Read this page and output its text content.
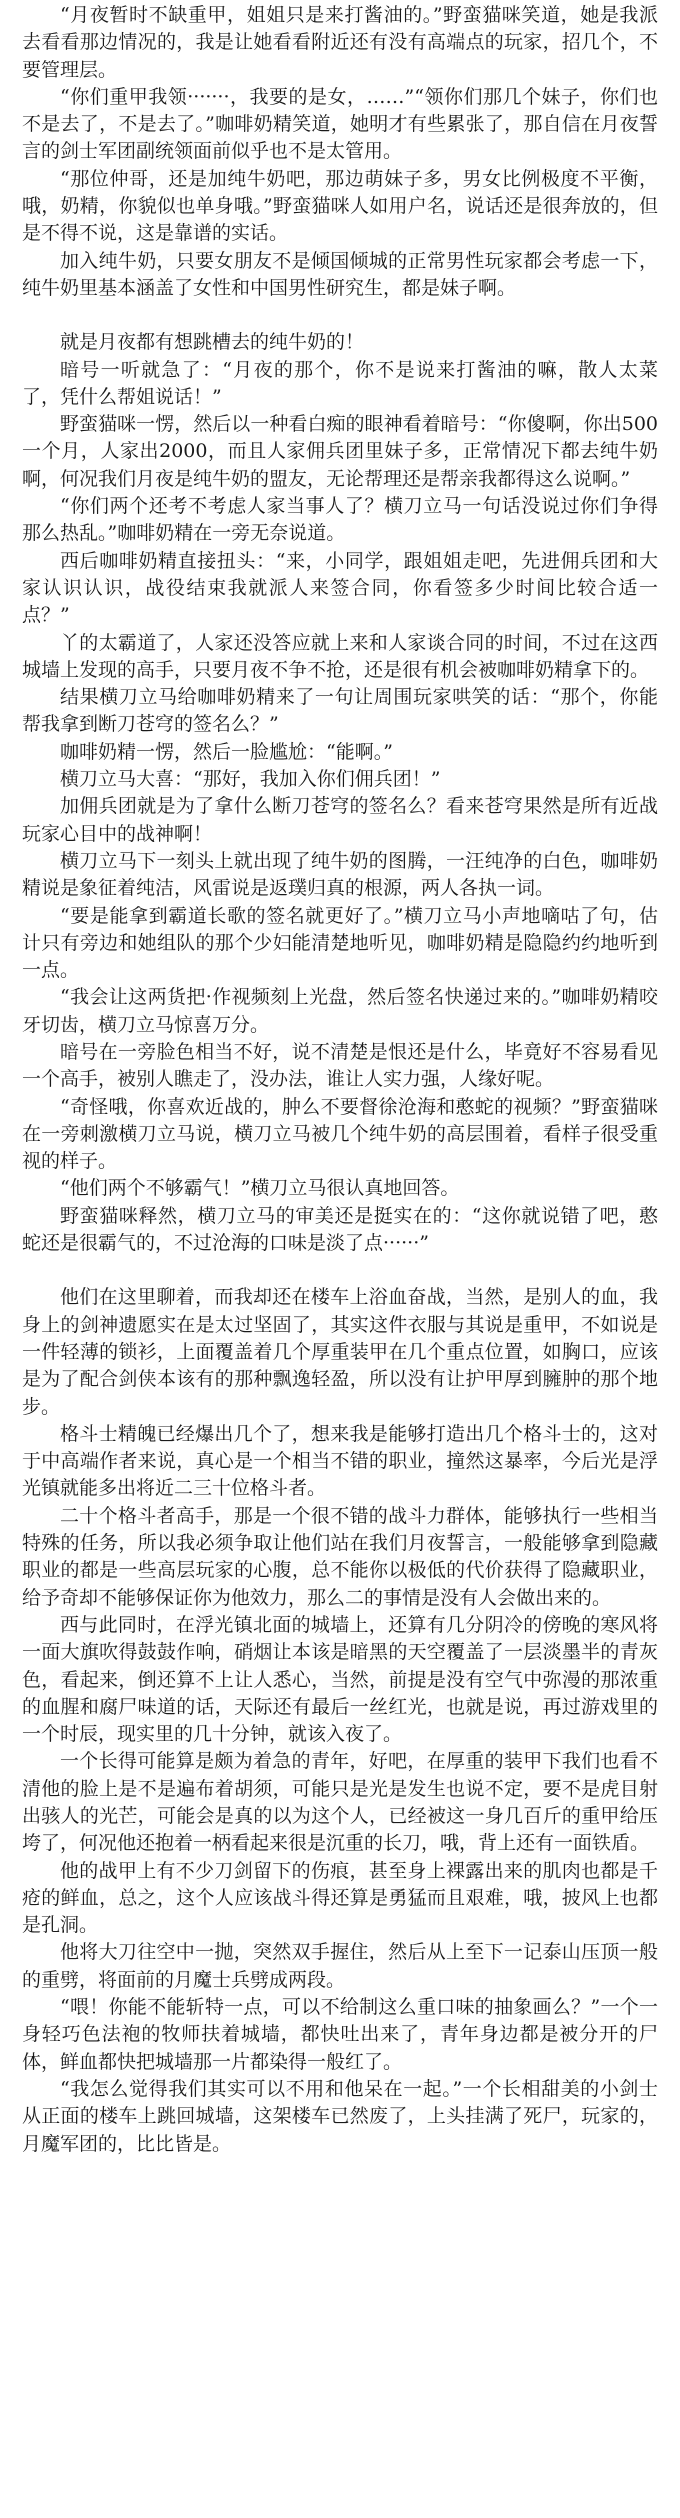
“月夜暂时不缺重甲，姐姐只是来打酱油的。”野蛮猫咪笑道，她是我派去看看那边情况的，我是让她看看附近还有没有高端点的玩家，招几个，不要管理层。

“你们重甲我领·······，我要的是女，……”“领你们那几个妹子，你们也不是去了，不是去了。”咖啡奶精笑道，她明才有些累张了，那自信在月夜誓言的剑士军团副统领面前似乎也不是太管用。

“那位仲哥，还是加纯牛奶吧，那边萌妹子多，男女比例极度不平衡，哦，奶精，你貌似也单身哦。”野蛮猫咪人如用户名，说话还是很奔放的，但是不得不说，这是靠谱的实话。

加入纯牛奶，只要女朋友不是倾国倾城的正常男性玩家都会考虑一下，纯牛奶里基本涵盖了女性和中国男性研究生，都是妹子啊。

就是月夜都有想跳槽去的纯牛奶的！

暗号一听就急了：“月夜的那个，你不是说来打酱油的嘛，散人太菜了，凭什么帮姐说话！”

野蛮猫咪一愣，然后以一种看白痴的眼神看着暗号：“你傻啊，你出500一个月，人家出2000，而且人家佣兵团里妹子多，正常情况下都去纯牛奶啊，何况我们月夜是纯牛奶的盟友，无论帮理还是帮亲我都得这么说啊。”

“你们两个还考不考虑人家当事人了？横刀立马一句话没说过你们争得那么热乱。”咖啡奶精在一旁无奈说道。

西后咖啡奶精直接扭头：“来，小同学，跟姐姐走吧，先进佣兵团和大家认识认识，战役结束我就派人来签合同，你看签多少时间比较合适一点？”

丫的太霸道了，人家还没答应就上来和人家谈合同的时间，不过在这西城墙上发现的高手，只要月夜不争不抢，还是很有机会被咖啡奶精拿下的。

结果横刀立马给咖啡奶精来了一句让周围玩家哄笑的话：“那个，你能帮我拿到断刀苍穹的签名么？”

咖啡奶精一愣，然后一脸尴尬：“能啊。”

横刀立马大喜：“那好，我加入你们佣兵团！”

加佣兵团就是为了拿什么断刀苍穹的签名么？看来苍穹果然是所有近战玩家心目中的战神啊！

横刀立马下一刻头上就出现了纯牛奶的图腾，一汪纯净的白色，咖啡奶精说是象征着纯洁，风雷说是返璞归真的根源，两人各执一词。

“要是能拿到霸道长歌的签名就更好了。”横刀立马小声地嘀咕了句，估计只有旁边和她组队的那个少妇能清楚地听见，咖啡奶精是隐隐约约地听到一点。

“我会让这两货把·作视频刻上光盘，然后签名快递过来的。”咖啡奶精咬牙切齿，横刀立马惊喜万分。

暗号在一旁脸色相当不好，说不清楚是恨还是什么，毕竟好不容易看见一个高手，被别人瞧走了，没办法，谁让人实力强，人缘好呢。

“奇怪哦，你喜欢近战的，肿么不要督徐沧海和憨蛇的视频？”野蛮猫咪在一旁刺激横刀立马说，横刀立马被几个纯牛奶的高层围着，看样子很受重视的样子。

“他们两个不够霸气！”横刀立马很认真地回答。

野蛮猫咪释然，横刀立马的审美还是挺实在的：“这你就说错了吧，憨蛇还是很霸气的，不过沧海的口味是淡了点······”

他们在这里聊着，而我却还在楼车上浴血奋战，当然，是别人的血，我身上的剑神遗愿实在是太过坚固了，其实这件衣服与其说是重甲，不如说是一件轻薄的锁衫，上面覆盖着几个厚重装甲在几个重点位置，如胸口，应该是为了配合剑侠本该有的那种飘逸轻盈，所以没有让护甲厚到臃肿的那个地步。

格斗士精魄已经爆出几个了，想来我是能够打造出几个格斗士的，这对于中高端作者来说，真心是一个相当不错的职业，撞然这暴率，今后光是浮光镇就能多出将近二三十位格斗者。

二十个格斗者高手，那是一个很不错的战斗力群体，能够执行一些相当特殊的任务，所以我必须争取让他们站在我们月夜誓言，一般能够拿到隐藏职业的都是一些高层玩家的心腹，总不能你以极低的代价获得了隐藏职业，给予奇却不能够保证你为他效力，那么二的事情是没有人会做出来的。

西与此同时，在浮光镇北面的城墙上，还算有几分阴冷的傍晚的寒风将一面大旗吹得鼓鼓作响，硝烟让本该是暗黑的天空覆盖了一层淡墨半的青灰色，看起来，倒还算不上让人悉心，当然，前提是没有空气中弥漫的那浓重的血腥和腐尸味道的话，天际还有最后一丝红光，也就是说，再过游戏里的一个时辰，现实里的几十分钟，就该入夜了。

一个长得可能算是颇为着急的青年，好吧，在厚重的装甲下我们也看不清他的脸上是不是遍布着胡须，可能只是光是发生也说不定，要不是虎目射出骇人的光芒，可能会是真的以为这个人，已经被这一身几百斤的重甲给压垮了，何况他还抱着一柄看起来很是沉重的长刀，哦，背上还有一面铁盾。

他的战甲上有不少刀剑留下的伤痕，甚至身上裸露出来的肌肉也都是千疮的鲜血，总之，这个人应该战斗得还算是勇猛而且艰难，哦，披风上也都是孔洞。

他将大刀往空中一抛，突然双手握住，然后从上至下一记泰山压顶一般的重劈，将面前的月魔士兵劈成两段。

“喂！你能不能斩特一点，可以不给制这么重口味的抽象画么？”一个一身轻巧色法袍的牧师扶着城墙，都快吐出来了，青年身边都是被分开的尸体，鲜血都快把城墙那一片都染得一般红了。

“我怎么觉得我们其实可以不用和他呆在一起。”一个长相甜美的小剑士从正面的楼车上跳回城墙，这架楼车已然废了，上头挂满了死尸，玩家的，月魔军团的，比比皆是。
